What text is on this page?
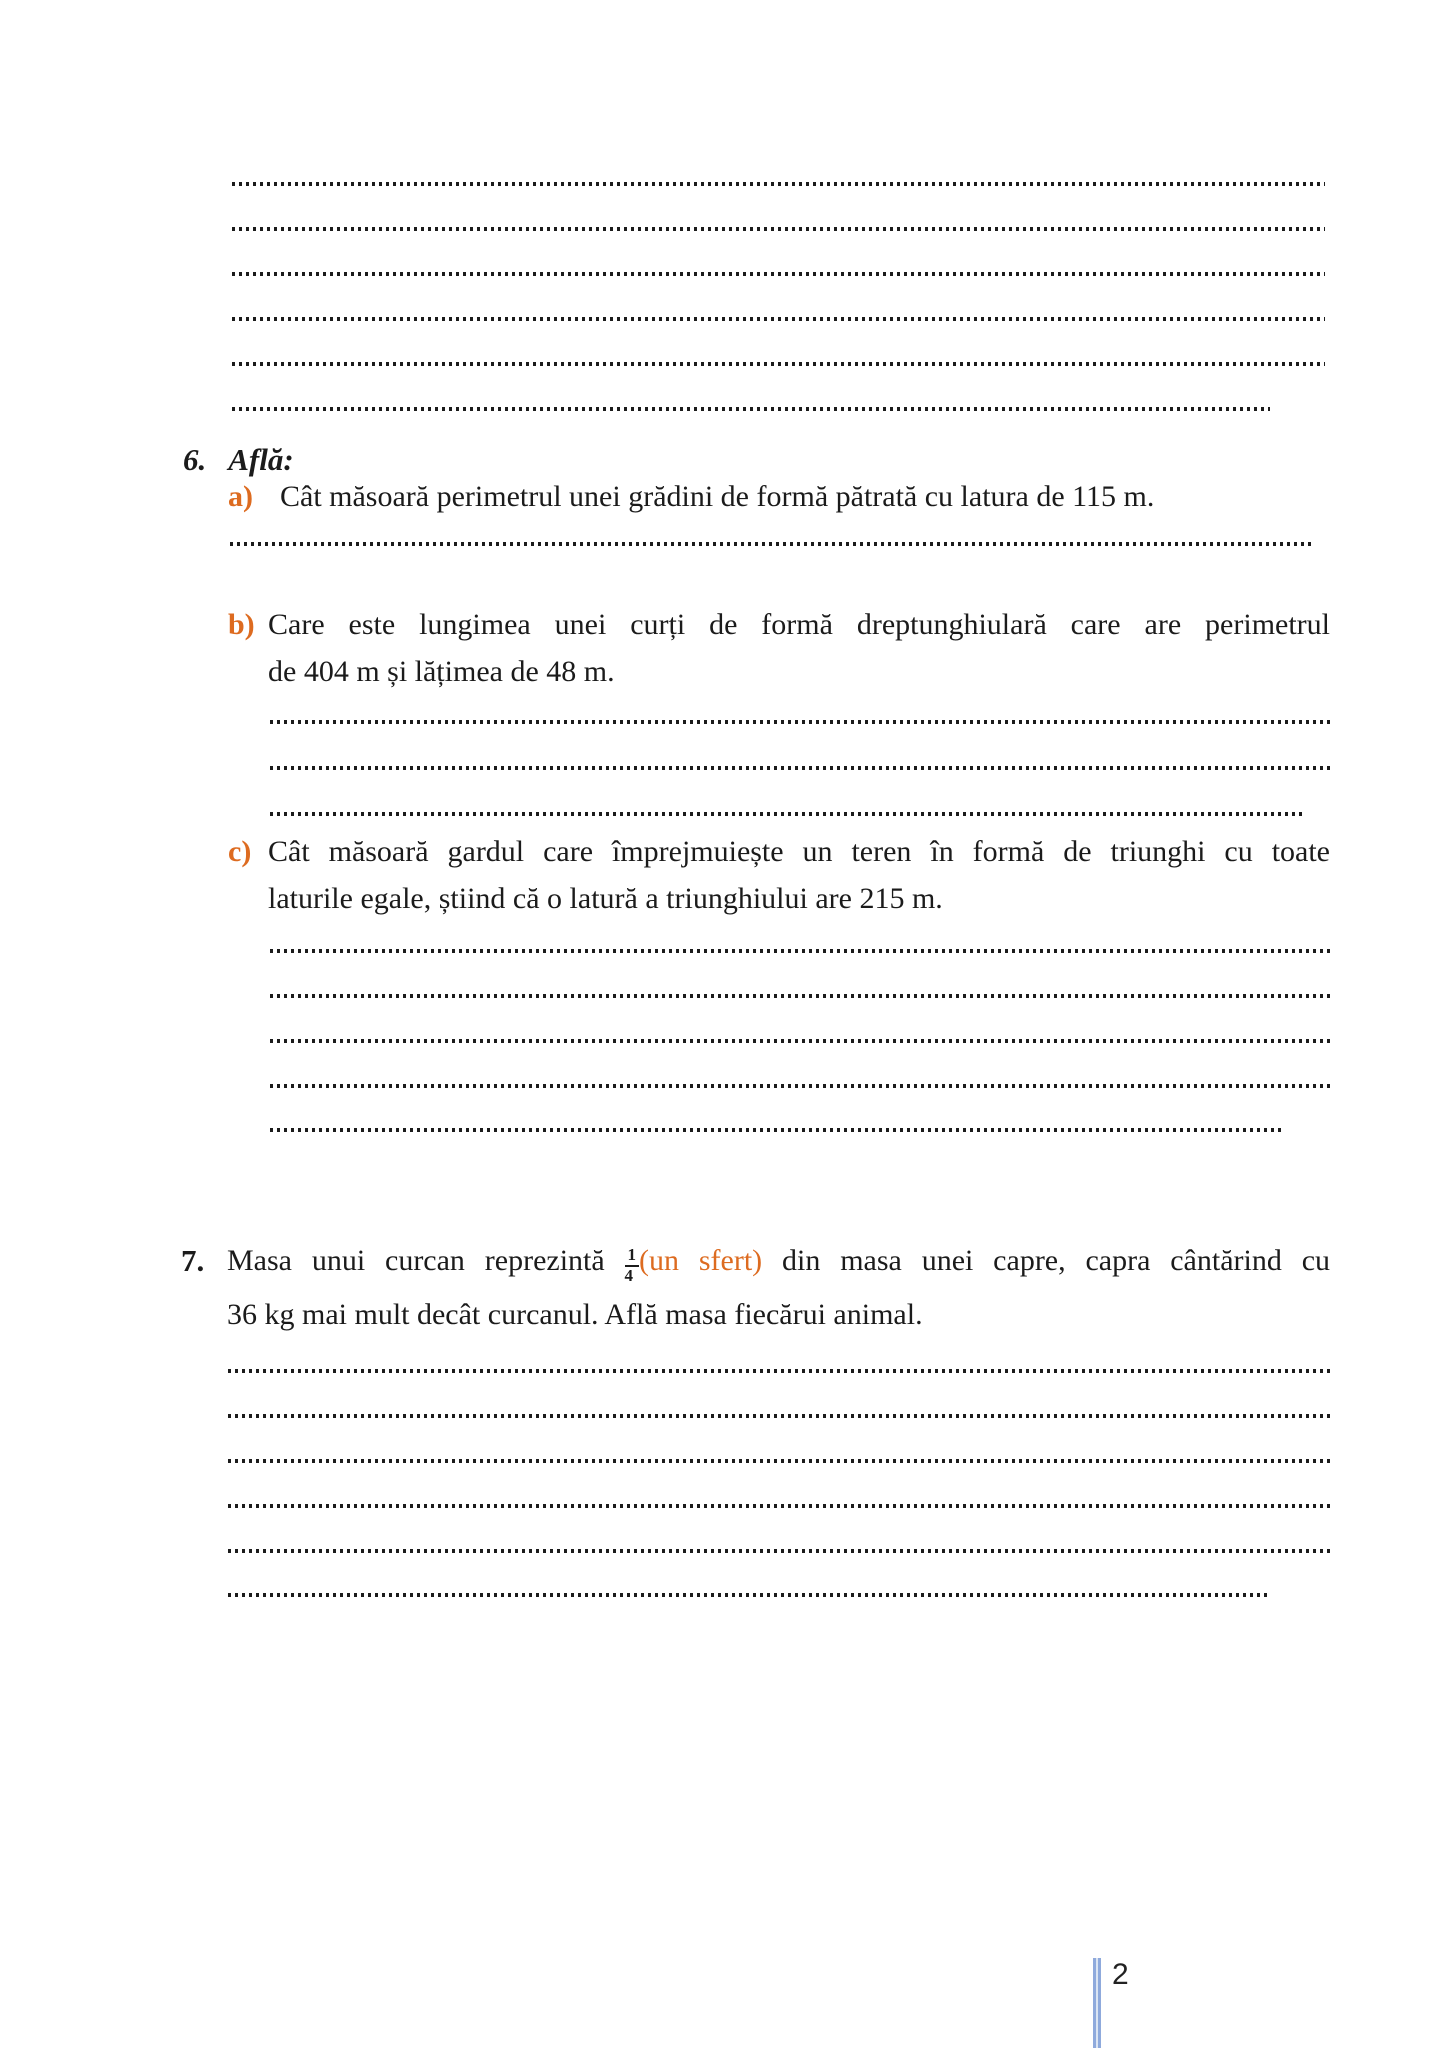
6. Află:
a) Cât măsoară perimetrul unei grădini de formă pătrată cu latura de 115 m.
b) Care este lungimea unei curți de formă dreptunghiulară care are perimetrul
de 404 m și lățimea de 48 m.
c) Cât măsoară gardul care împrejmuiește un teren în formă de triunghi cu toate
laturile egale, știind că o latură a triunghiului are 215 m.
7. Masa unui curcan reprezintă $\frac{1}{4} (un$ sfert) din masa unei capre, capra cântărind cu
36 kg mai mult decât curcanul. Află masa fiecărui animal.
2
